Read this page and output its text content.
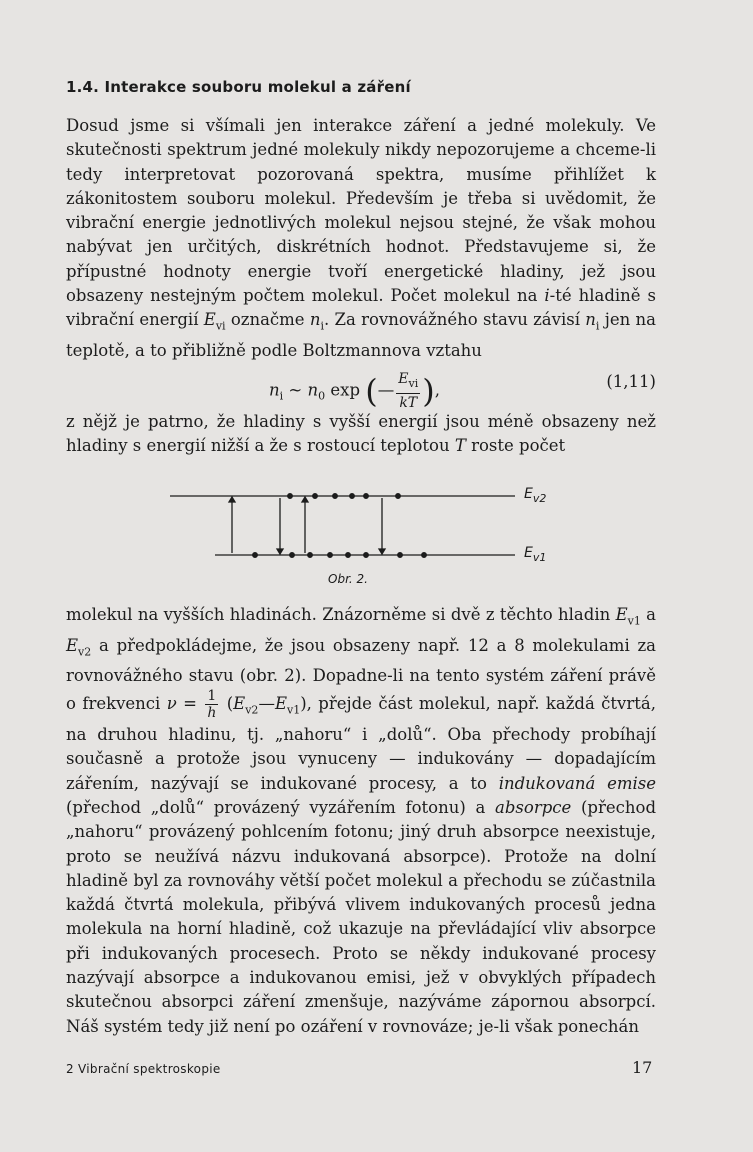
1.4. Interakce souboru molekul a záření
Dosud jsme si všímali jen interakce záření a jedné molekuly. Ve skutečnosti spektrum jedné molekuly nikdy nepozorujeme a chceme-li tedy interpretovat pozorovaná spektra, musíme přihlížet k zákonitostem souboru molekul. Především je třeba si uvědomit, že vibrační energie jednotlivých molekul nejsou stejné, že však mohou nabývat jen určitých, diskrétních hodnot. Představujeme si, že přípustné hodnoty energie tvoří energetické hladiny, jež jsou obsazeny nestejným počtem molekul. Počet molekul na i-té hladině s vibrační energií $E_{vi}$ označme $n_i$. Za rovnovážného stavu závisí $n_i$ jen na teplotě, a to přibližně podle Boltzmannova vztahu
$n_i$ ~ $n_0$ exp (— $\frac{E_{vi}}{kT}$ ),	(1,11)
z nějž je patrno, že hladiny s vyšší energií jsou méně obsazeny než hladiny s energií nižší a že s rostoucí teplotou T roste počet
$E_{v2}$
$E_{v1}$
Obr. 2.
molekul na vyšších hladinách. Znázorněme si dvě z těchto hladin $E_{v1}$ a $E_{v2}$ a předpokládejme, že jsou obsazeny např. 12 a 8 molekulami za rovnovážného stavu (obr. 2). Dopadne-li na tento systém záření právě o frekvenci $\nu = \frac{1}{h}$ $(E_{v2}—E_{v1})$, přejde část molekul, např. každá čtvrtá, na druhou hladinu, tj. „nahoru“ i „dolů“. Oba přechody probíhají současně a protože jsou vynuceny — indukovány — dopadajícím zářením, nazývají se indukované procesy, a to indukovaná emise (přechod „dolů“ provázený vyzářením fotonu) a absorpce (přechod „nahoru“ provázený pohlcením fotonu; jiný druh absorpce neexistuje, proto se neužívá názvu indukovaná absorpce). Protože na dolní hladině byl za rovnováhy větší počet molekul a přechodu se zúčastnila každá čtvrtá molekula, přibývá vlivem indukovaných procesů jedna molekula na horní hladině, což ukazuje na převládající vliv absorpce při indukovaných procesech. Proto se někdy indukované procesy nazývají absorpce a indukovanou emisi, jež v obvyklých případech skutečnou absorpci záření zmenšuje, nazýváme zápornou absorpcí. Náš systém tedy již není po ozáření v rovnováze; je-li však ponechán
2 Vibrační spektroskopie	17
